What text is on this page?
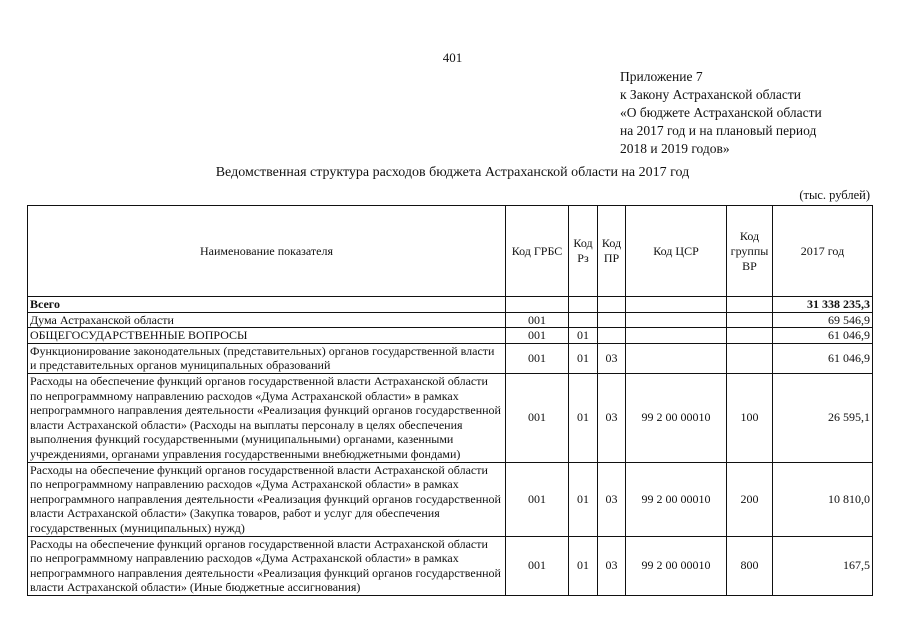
401
Приложение 7
к Закону Астраханской области
«О бюджете Астраханской области
на 2017 год и на плановый период
2018 и 2019 годов»
Ведомственная структура расходов бюджета Астраханской области на 2017 год
(тыс. рублей)
Наименование показателя	Код ГРБС	Код Рз	Код ПР	Код ЦСР	Код группы ВР	2017 год
Всего						31 338 235,3
Дума Астраханской области	001					69 546,9
ОБЩЕГОСУДАРСТВЕННЫЕ ВОПРОСЫ	001	01				61 046,9
Функционирование законодательных (представительных) органов государственной власти и представительных органов муниципальных образований	001	01	03			61 046,9
Расходы на обеспечение функций органов государственной власти Астраханской области по непрограммному направлению расходов «Дума Астраханской области» в рамках непрограммного направления деятельности «Реализация функций органов государственной власти Астраханской области» (Расходы на выплаты персоналу в целях обеспечения выполнения функций государственными (муниципальными) органами, казенными учреждениями, органами управления государственными внебюджетными фондами)	001	01	03	99 2 00 00010	100	26 595,1
Расходы на обеспечение функций органов государственной власти Астраханской области по непрограммному направлению расходов «Дума Астраханской области» в рамках непрограммного направления деятельности «Реализация функций органов государственной власти Астраханской области» (Закупка товаров, работ и услуг для обеспечения государственных (муниципальных) нужд)	001	01	03	99 2 00 00010	200	10 810,0
Расходы на обеспечение функций органов государственной власти Астраханской области по непрограммному направлению расходов «Дума Астраханской области» в рамках непрограммного направления деятельности «Реализация функций органов государственной власти Астраханской области» (Иные бюджетные ассигнования)	001	01	03	99 2 00 00010	800	167,5
